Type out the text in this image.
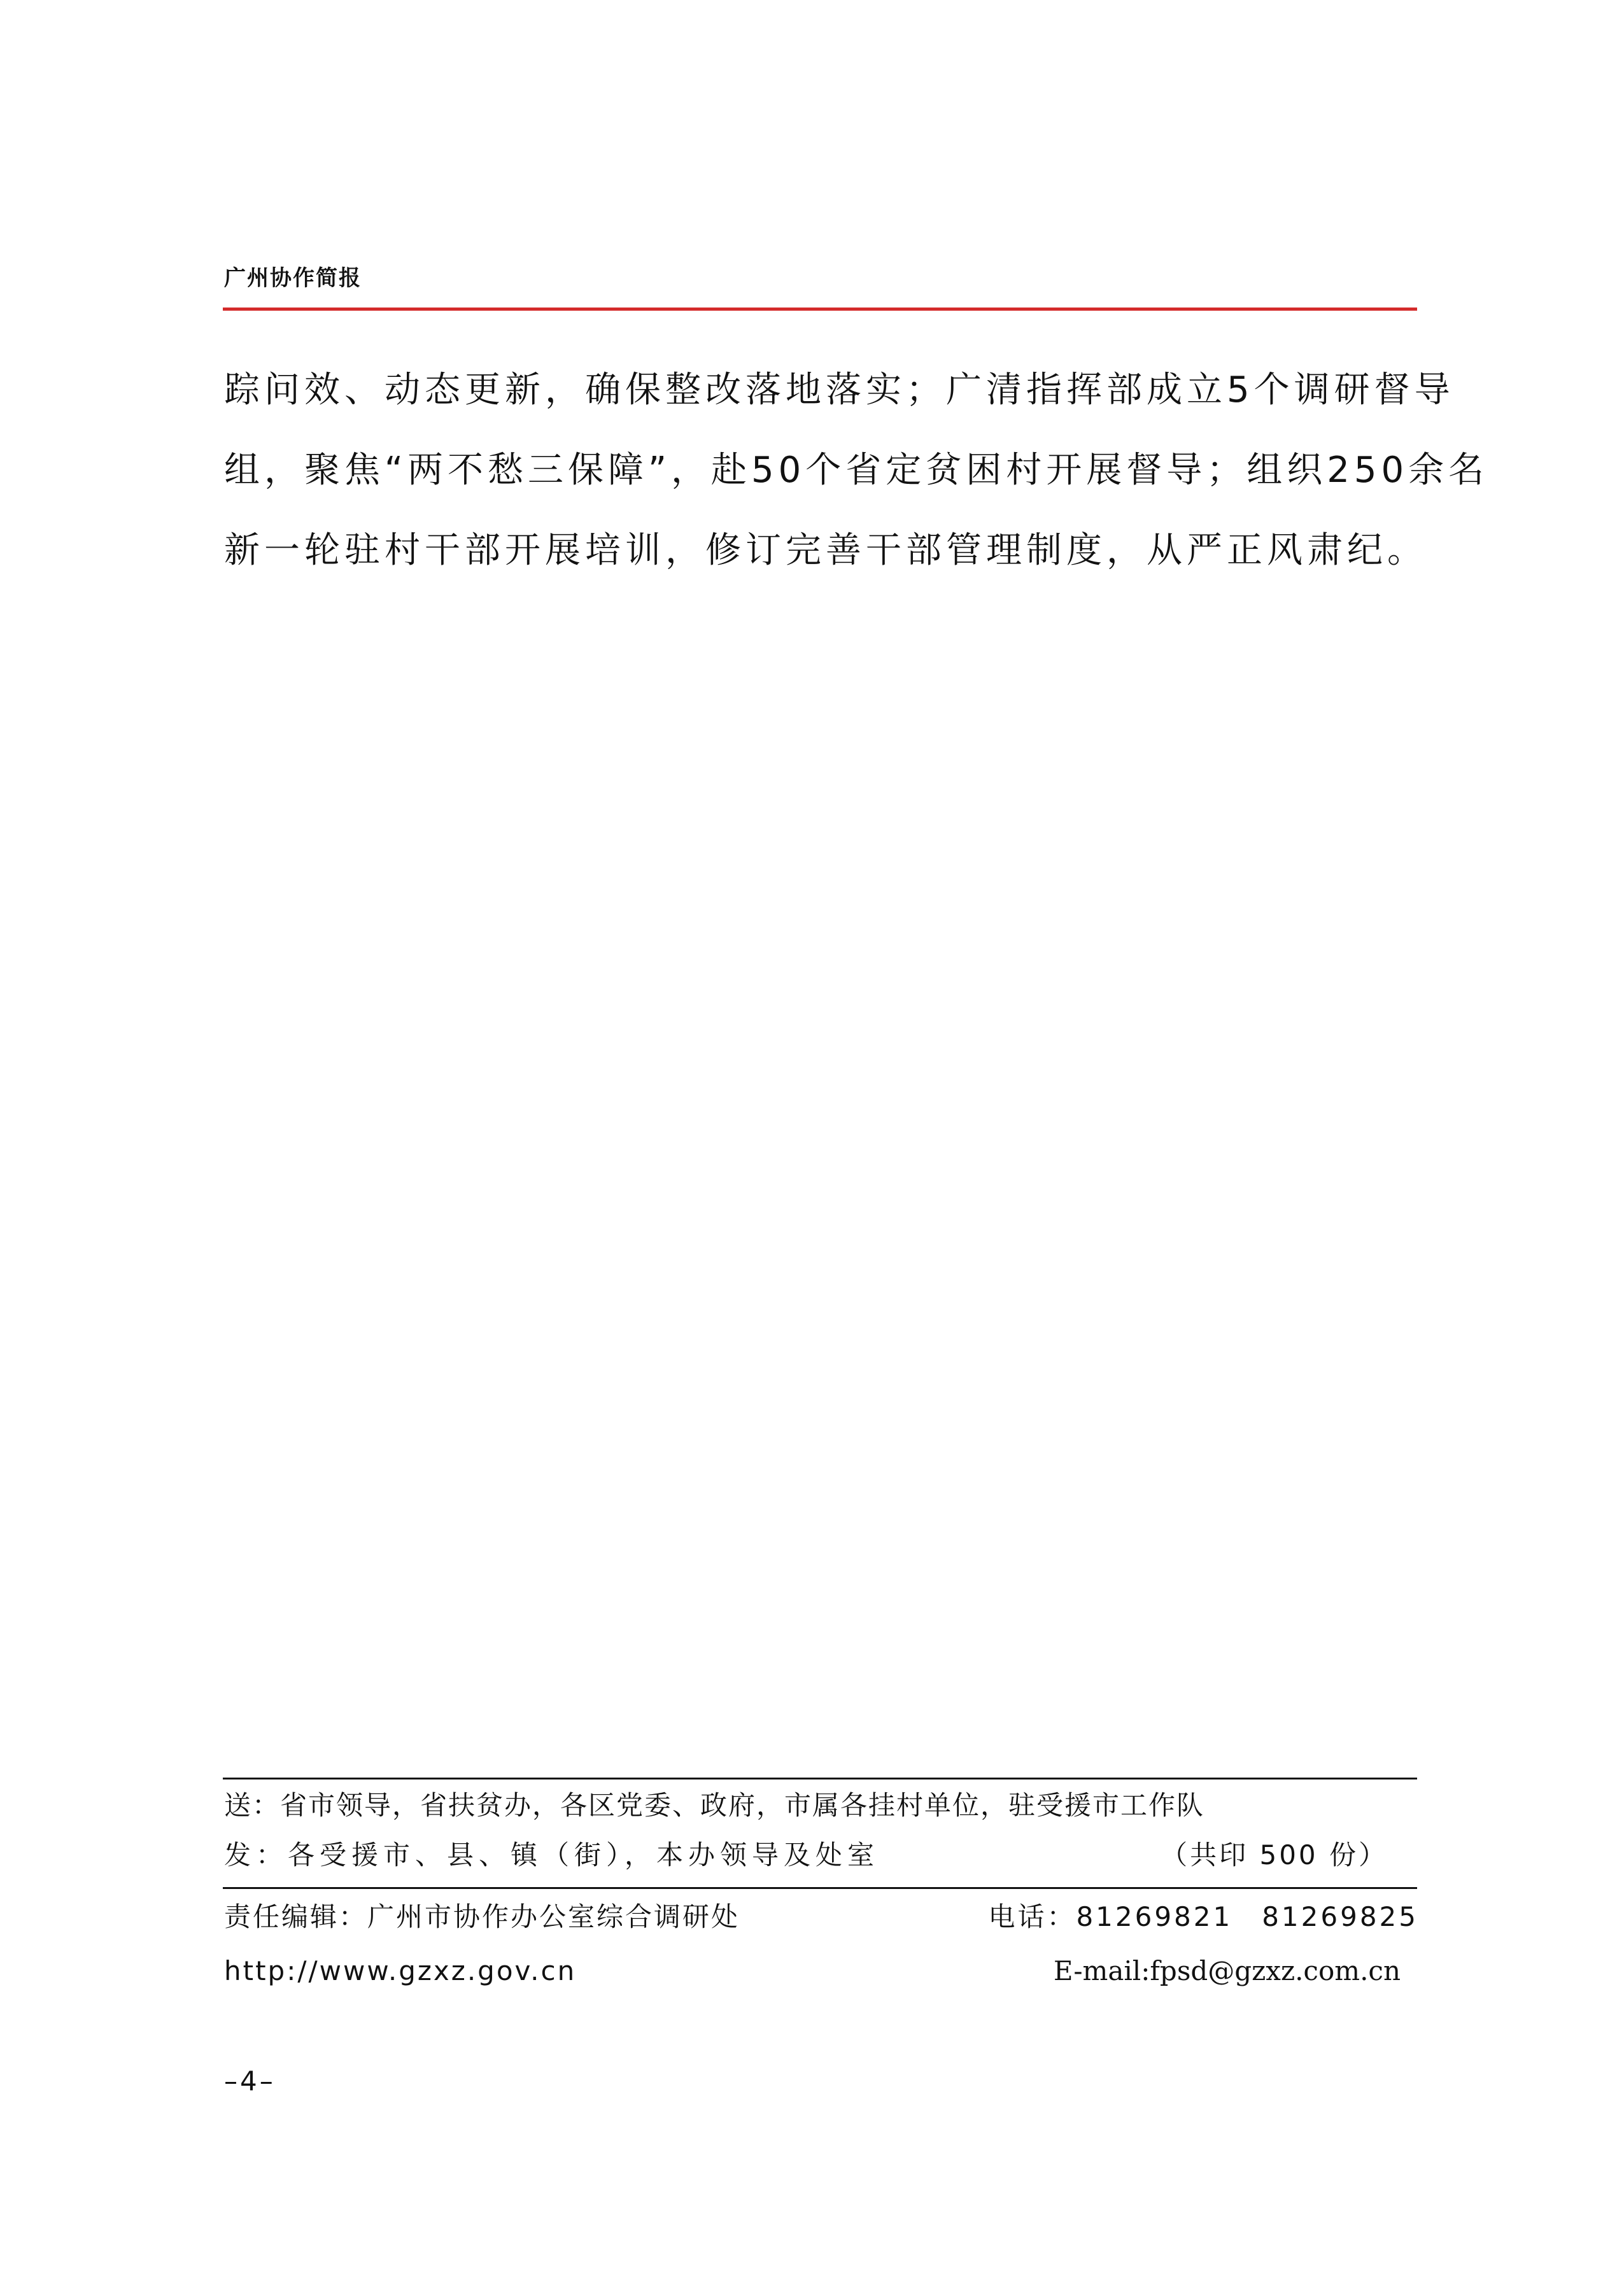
广州协作简报

踪问效、动态更新，确保整改落地落实；广清指挥部成立5个调研督导

组，聚焦“两不愁三保障”，赴50个省定贫困村开展督导；组织250余名

新一轮驻村干部开展培训，修订完善干部管理制度，从严正风肃纪。

送：省市领导，省扶贫办，各区党委、政府，市属各挂村单位，驻受援市工作队
发：各受援市、县、镇（街），本办领导及处室	（共印 500 份）
责任编辑：广州市协作办公室综合调研处	电话：81269821　81269825
http://www.gzxz.gov.cn	E-mail:fpsd@gzxz.com.cn
–4–
